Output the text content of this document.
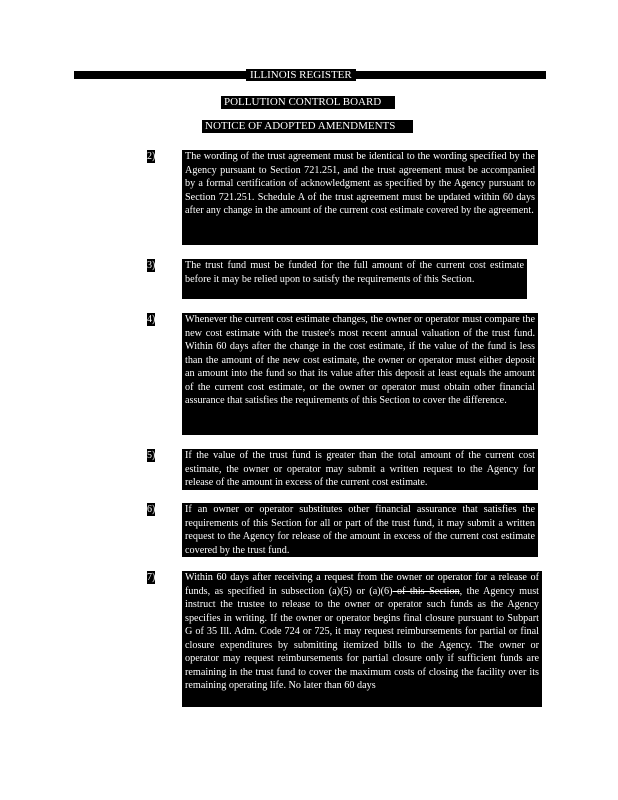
ILLINOIS REGISTER
POLLUTION CONTROL BOARD
NOTICE OF ADOPTED AMENDMENTS
2)	The wording of the trust agreement must be identical to the wording specified by the Agency pursuant to Section 721.251, and the trust agreement must be accompanied by a formal certification of acknowledgment as specified by the Agency pursuant to Section 721.251. Schedule A of the trust agreement must be updated within 60 days after any change in the amount of the current cost estimate covered by the agreement.
3)	The trust fund must be funded for the full amount of the current cost estimate before it may be relied upon to satisfy the requirements of this Section.
4)	Whenever the current cost estimate changes, the owner or operator must compare the new cost estimate with the trustee's most recent annual valuation of the trust fund. Within 60 days after the change in the cost estimate, if the value of the fund is less than the amount of the new cost estimate, the owner or operator must either deposit an amount into the fund so that its value after this deposit at least equals the amount of the current cost estimate, or the owner or operator must obtain other financial assurance that satisfies the requirements of this Section to cover the difference.
5)	If the value of the trust fund is greater than the total amount of the current cost estimate, the owner or operator may submit a written request to the Agency for release of the amount in excess of the current cost estimate.
6)	If an owner or operator substitutes other financial assurance that satisfies the requirements of this Section for all or part of the trust fund, it may submit a written request to the Agency for release of the amount in excess of the current cost estimate covered by the trust fund.
7)	Within 60 days after receiving a request from the owner or operator for a release of funds, as specified in subsection (a)(5) or (a)(6) of this Section, the Agency must instruct the trustee to release to the owner or operator such funds as the Agency specifies in writing. If the owner or operator begins final closure pursuant to Subpart G of 35 Ill. Adm. Code 724 or 725, it may request reimbursements for partial or final closure expenditures by submitting itemized bills to the Agency. The owner or operator may request reimbursements for partial closure only if sufficient funds are remaining in the trust fund to cover the maximum costs of closing the facility over its remaining operating life. No later than 60 days
